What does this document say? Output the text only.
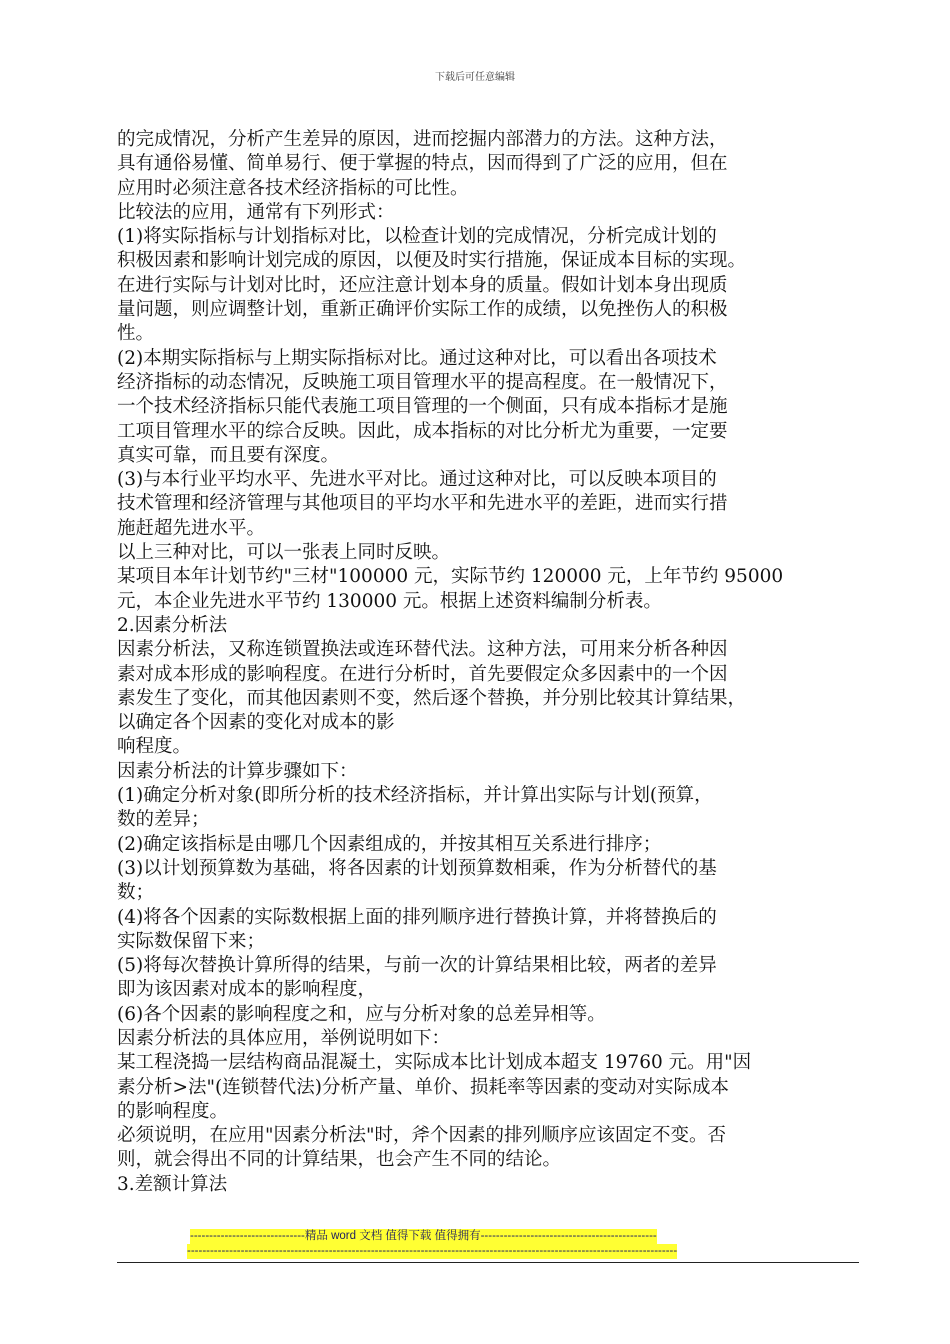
下载后可任意编辑

的完成情况，分析产生差异的原因，进而挖掘内部潜力的方法。这种方法，

具有通俗易懂、简单易行、便于掌握的特点，因而得到了广泛的应用，但在

应用时必须注意各技术经济指标的可比性。

比较法的应用，通常有下列形式：

(1)将实际指标与计划指标对比，以检查计划的完成情况，分析完成计划的

积极因素和影响计划完成的原因，以便及时实行措施，保证成本目标的实现。

在进行实际与计划对比时，还应注意计划本身的质量。假如计划本身出现质

量问题，则应调整计划，重新正确评价实际工作的成绩，以免挫伤人的积极

性。

(2)本期实际指标与上期实际指标对比。通过这种对比，可以看出各项技术

经济指标的动态情况，反映施工项目管理水平的提高程度。在一般情况下，

一个技术经济指标只能代表施工项目管理的一个侧面，只有成本指标才是施

工项目管理水平的综合反映。因此，成本指标的对比分析尤为重要，一定要

真实可靠，而且要有深度。

(3)与本行业平均水平、先进水平对比。通过这种对比，可以反映本项目的

技术管理和经济管理与其他项目的平均水平和先进水平的差距，进而实行措

施赶超先进水平。

以上三种对比，可以一张表上同时反映。

某项目本年计划节约"三材"100000 元，实际节约 120000 元，上年节约 95000

元，本企业先进水平节约 130000 元。根据上述资料编制分析表。

2.因素分析法

因素分析法，又称连锁置换法或连环替代法。这种方法，可用来分析各种因

素对成本形成的影响程度。在进行分析时，首先要假定众多因素中的一个因

素发生了变化，而其他因素则不变，然后逐个替换，并分别比较其计算结果，

以确定各个因素的变化对成本的影

响程度。

因素分析法的计算步骤如下：

(1)确定分析对象(即所分析的技术经济指标，并计算出实际与计划(预算，

数的差异；

(2)确定该指标是由哪几个因素组成的，并按其相互关系进行排序；

(3)以计划预算数为基础，将各因素的计划预算数相乘，作为分析替代的基

数；

(4)将各个因素的实际数根据上面的排列顺序进行替换计算，并将替换后的

实际数保留下来；

(5)将每次替换计算所得的结果，与前一次的计算结果相比较，两者的差异

即为该因素对成本的影响程度，

(6)各个因素的影响程度之和，应与分析对象的总差异相等。

因素分析法的具体应用，举例说明如下：

某工程浇捣一层结构商品混凝土，实际成本比计划成本超支 19760 元。用"因

素分析>法"(连锁替代法)分析产量、单价、损耗率等因素的变动对实际成本

的影响程度。

必须说明，在应用"因素分析法"时，斧个因素的排列顺序应该固定不变。否

则，就会得出不同的计算结果，也会产生不同的结论。

3.差额计算法

------------------------------精品 word 文档 值得下载 值得拥有----------------------------------------------
--------------------------------------------------------------------------------------------------------------------------------
